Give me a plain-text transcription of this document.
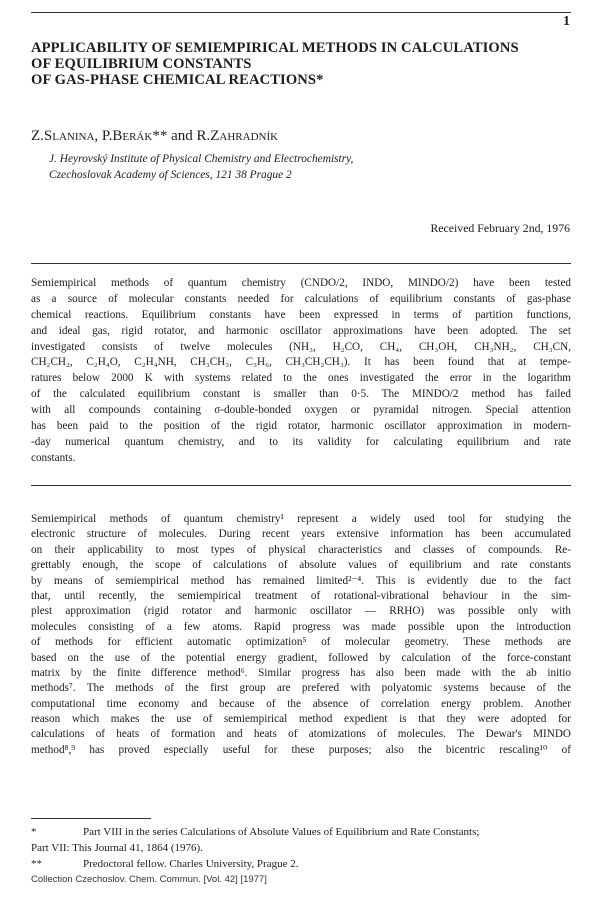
1
APPLICABILITY OF SEMIEMPIRICAL METHODS IN CALCULATIONS
OF EQUILIBRIUM CONSTANTS
OF GAS-PHASE CHEMICAL REACTIONS*
Z.Slanina, P.Berák** and R.Zahradník
J. Heyrovský Institute of Physical Chemistry and Electrochemistry,
Czechoslovak Academy of Sciences, 121 38 Prague 2
Received February 2nd, 1976
Semiempirical methods of quantum chemistry (CNDO/2, INDO, MINDO/2) have been tested
as a source of molecular constants needed for calculations of equilibrium constants of gas-phase
chemical reactions. Equilibrium constants have been expressed in terms of partition functions,
and ideal gas, rigid rotator, and harmonic oscillator approximations have been adopted. The set
investigated consists of twelve molecules (NH₃, H₂CO, CH₄, CH₃OH, CH₃NH₂, CH₃CN,
CH₂CH₂, C₂H₄O, C₂H₄NH, CH₃CH₃, C₃H₆, CH₃CH₂CH₃). It has been found that at tempe-
ratures below 2000 K with systems related to the ones investigated the error in the logarithm
of the calculated equilibrium constant is smaller than 0·5. The MINDO/2 method has failed
with all compounds containing σ-double-bonded oxygen or pyramidal nitrogen. Special attention
has been paid to the position of the rigid rotator, harmonic oscillator approximation in modern-
-day numerical quantum chemistry, and to its validity for calculating equilibrium and rate
constants.
Semiempirical methods of quantum chemistry¹ represent a widely used tool for studying the
electronic structure of molecules. During recent years extensive information has been accumulated
on their applicability to most types of physical characteristics and classes of compounds. Re-
grettably enough, the scope of calculations of absolute values of equilibrium and rate constants
by means of semiempirical method has remained limited²⁻⁴. This is evidently due to the fact
that, until recently, the semiempirical treatment of rotational-vibrational behaviour in the sim-
plest approximation (rigid rotator and harmonic oscillator — RRHO) was possible only with
molecules consisting of a few atoms. Rapid progress was made possible upon the introduction
of methods for efficient automatic optimization⁵ of molecular geometry. These methods are
based on the use of the potential energy gradient, followed by calculation of the force-constant
matrix by the finite difference method⁶. Similar progress has also been made with the ab initio
methods⁷. The methods of the first group are prefered with polyatomic systems because of the
computational time economy and because of the absence of correlation energy problem. Another
reason which makes the use of semiempirical method expedient is that they were adopted for
calculations of heats of formation and heats of atomizations of molecules. The Dewar's MINDO
method⁸,⁹ has proved especially useful for these purposes; also the bicentric rescaling¹⁰ of
*	Part VIII in the series Calculations of Absolute Values of Equilibrium and Rate Constants;
Part VII: This Journal 41, 1864 (1976).
**	Predoctoral fellow. Charles University, Prague 2.
Collection Czechoslov. Chem. Commun. [Vol. 42] [1977]
